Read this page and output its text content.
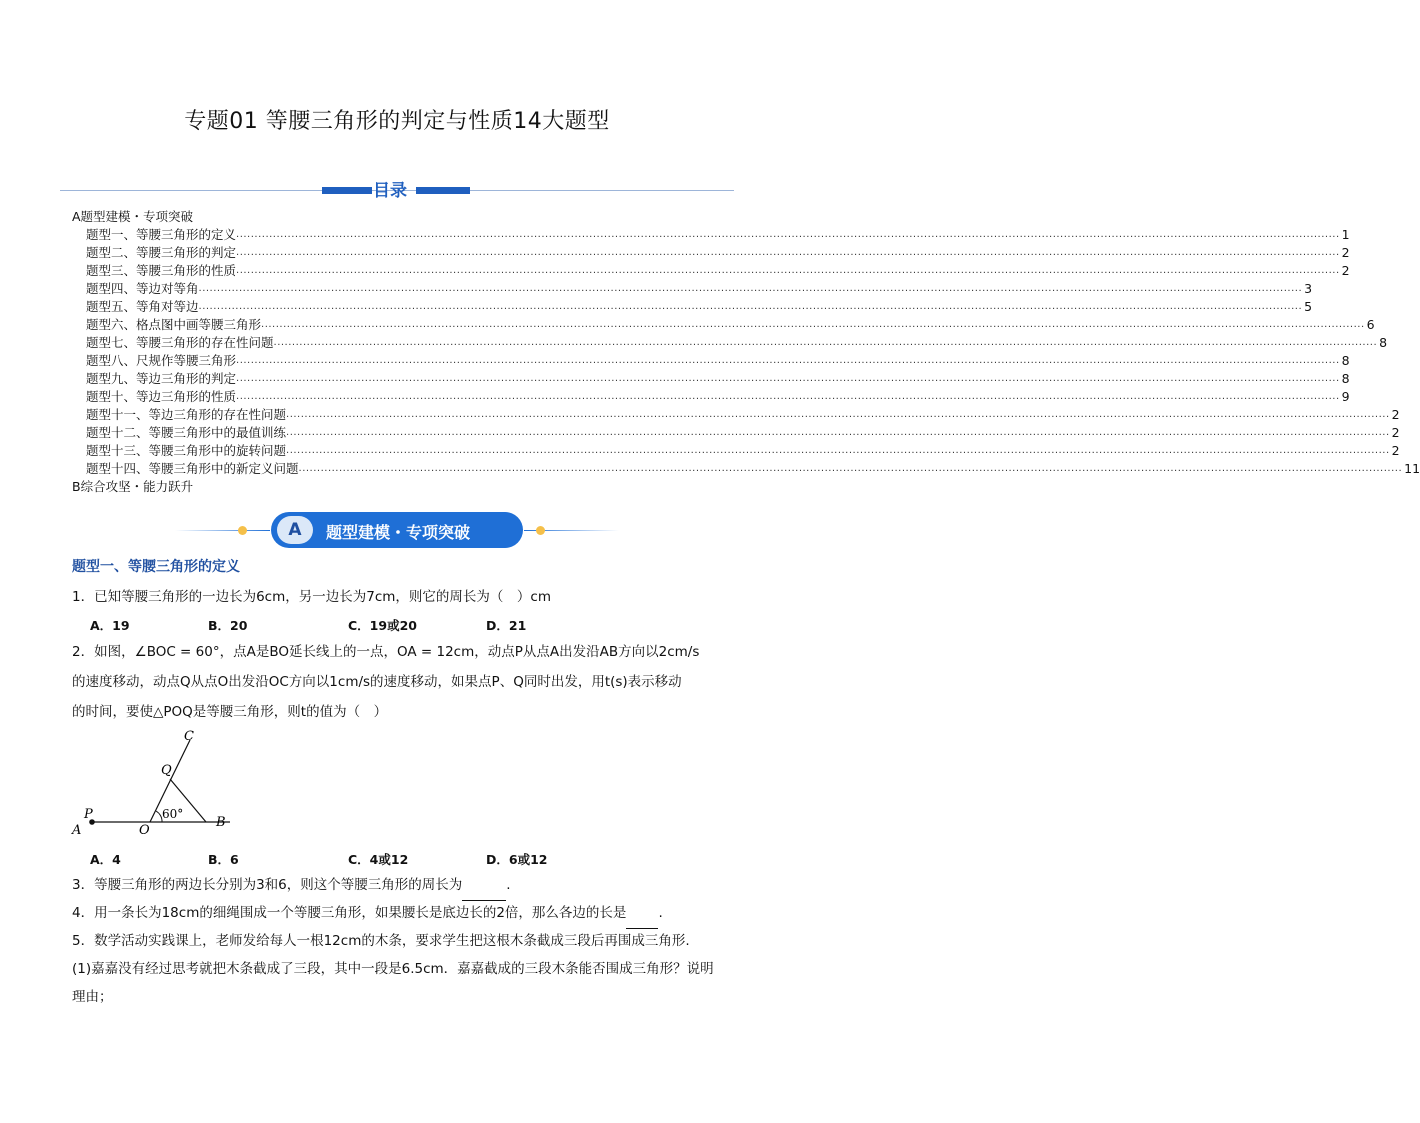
专题01 等腰三角形的判定与性质14大题型
目录
A题型建模・专项突破
题型一、等腰三角形的定义 ............................................................................................................................................................................................................................................................................................................ 1
题型二、等腰三角形的判定 ............................................................................................................................................................................................................................................................................................................ 2
题型三、等腰三角形的性质 ............................................................................................................................................................................................................................................................................................................ 2
题型四、等边对等角 ............................................................................................................................................................................................................................................................................................................ 3
题型五、等角对等边 ............................................................................................................................................................................................................................................................................................................ 5
题型六、格点图中画等腰三角形 ............................................................................................................................................................................................................................................................................................................ 6
题型七、等腰三角形的存在性问题 ............................................................................................................................................................................................................................................................................................................ 8
题型八、尺规作等腰三角形 ............................................................................................................................................................................................................................................................................................................ 8
题型九、等边三角形的判定 ............................................................................................................................................................................................................................................................................................................ 8
题型十、等边三角形的性质 ............................................................................................................................................................................................................................................................................................................ 9
题型十一、等边三角形的存在性问题 ............................................................................................................................................................................................................................................................................................................ 2
题型十二、等腰三角形中的最值训练 ............................................................................................................................................................................................................................................................................................................ 2
题型十三、等腰三角形中的旋转问题 ............................................................................................................................................................................................................................................................................................................ 2
题型十四、等腰三角形中的新定义问题 ............................................................................................................................................................................................................................................................................................................ 11
B综合攻坚・能力跃升
A	题型建模・专项突破
题型一、等腰三角形的定义
1．已知等腰三角形的一边长为6cm，另一边长为7cm，则它的周长为（　）cm
A．19	B．20	C．19或20	D．21
2．如图，∠BOC = 60°，点A是BO延长线上的一点，OA = 12cm，动点P从点A出发沿AB方向以2cm/s
的速度移动，动点Q从点O出发沿OC方向以1cm/s的速度移动，如果点P、Q同时出发，用t(s)表示移动
的时间，要使△POQ是等腰三角形，则t的值为（　）
C
Q
P
A	O
B
60°
A．4	B．6	C．4或12	D．6或12
3．等腰三角形的两边长分别为3和6，则这个等腰三角形的周长为	.
4．用一条长为18cm的细绳围成一个等腰三角形，如果腰长是底边长的2倍，那么各边的长是 .
5．数学活动实践课上，老师发给每人一根12cm的木条，要求学生把这根木条截成三段后再围成三角形.
(1)嘉嘉没有经过思考就把木条截成了三段，其中一段是6.5cm．嘉嘉截成的三段木条能否围成三角形？说明
理由；
